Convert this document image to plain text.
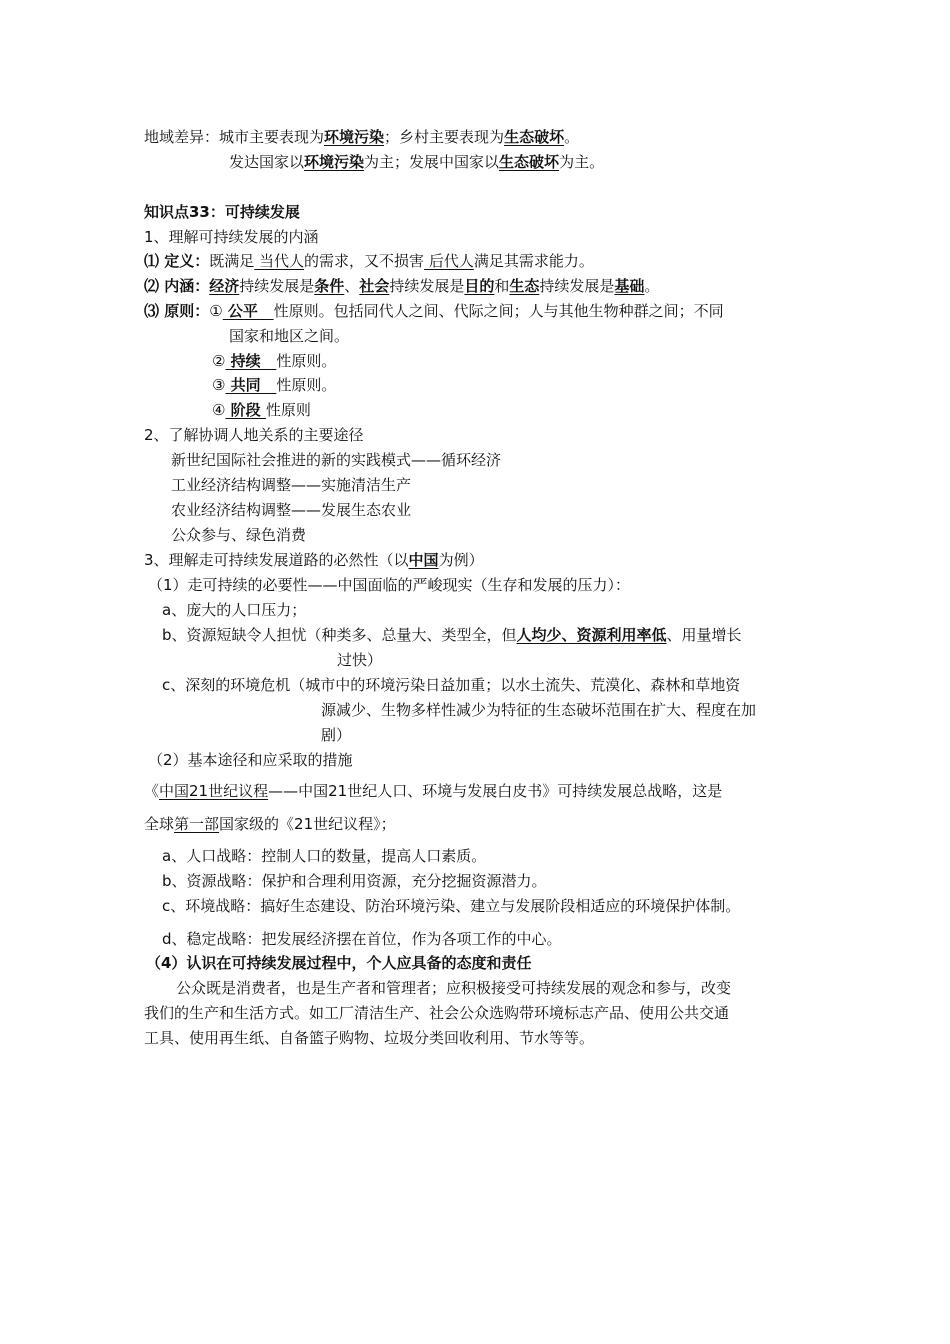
地域差异：城市主要表现为环境污染；乡村主要表现为生态破坏。
发达国家以环境污染为主；发展中国家以生态破坏为主。
知识点33：可持续发展
1、理解可持续发展的内涵
⑴ 定义：既满足 当代人的需求，又不损害 后代人满足其需求能力。
⑵ 内涵：经济持续发展是条件、社会持续发展是目的和生态持续发展是基础。
⑶ 原则：① 公平   性原则。包括同代人之间、代际之间；人与其他生物种群之间；不同
国家和地区之间。
② 持续   性原则。
③ 共同   性原则。
④ 阶段 性原则
2、了解协调人地关系的主要途径
新世纪国际社会推进的新的实践模式——循环经济
工业经济结构调整——实施清洁生产
农业经济结构调整——发展生态农业
公众参与、绿色消费
3、理解走可持续发展道路的必然性（以中国为例）
（1）走可持续的必要性——中国面临的严峻现实（生存和发展的压力）：
a、庞大的人口压力；
b、资源短缺令人担忧（种类多、总量大、类型全，但人均少、资源利用率低、用量增长
过快）
c、深刻的环境危机（城市中的环境污染日益加重；以水土流失、荒漠化、森林和草地资
源减少、生物多样性减少为特征的生态破坏范围在扩大、程度在加
剧）
（2）基本途径和应采取的措施
《中国21世纪议程——中国21世纪人口、环境与发展白皮书》可持续发展总战略，这是
全球第一部国家级的《21世纪议程》；
a、人口战略：控制人口的数量，提高人口素质。
b、资源战略：保护和合理利用资源，充分挖掘资源潜力。
c、环境战略：搞好生态建设、防治环境污染、建立与发展阶段相适应的环境保护体制。
d、稳定战略：把发展经济摆在首位，作为各项工作的中心。
（4）认识在可持续发展过程中，个人应具备的态度和责任
公众既是消费者，也是生产者和管理者；应积极接受可持续发展的观念和参与，改变
我们的生产和生活方式。如工厂清洁生产、社会公众选购带环境标志产品、使用公共交通
工具、使用再生纸、自备篮子购物、垃圾分类回收利用、节水等等。
